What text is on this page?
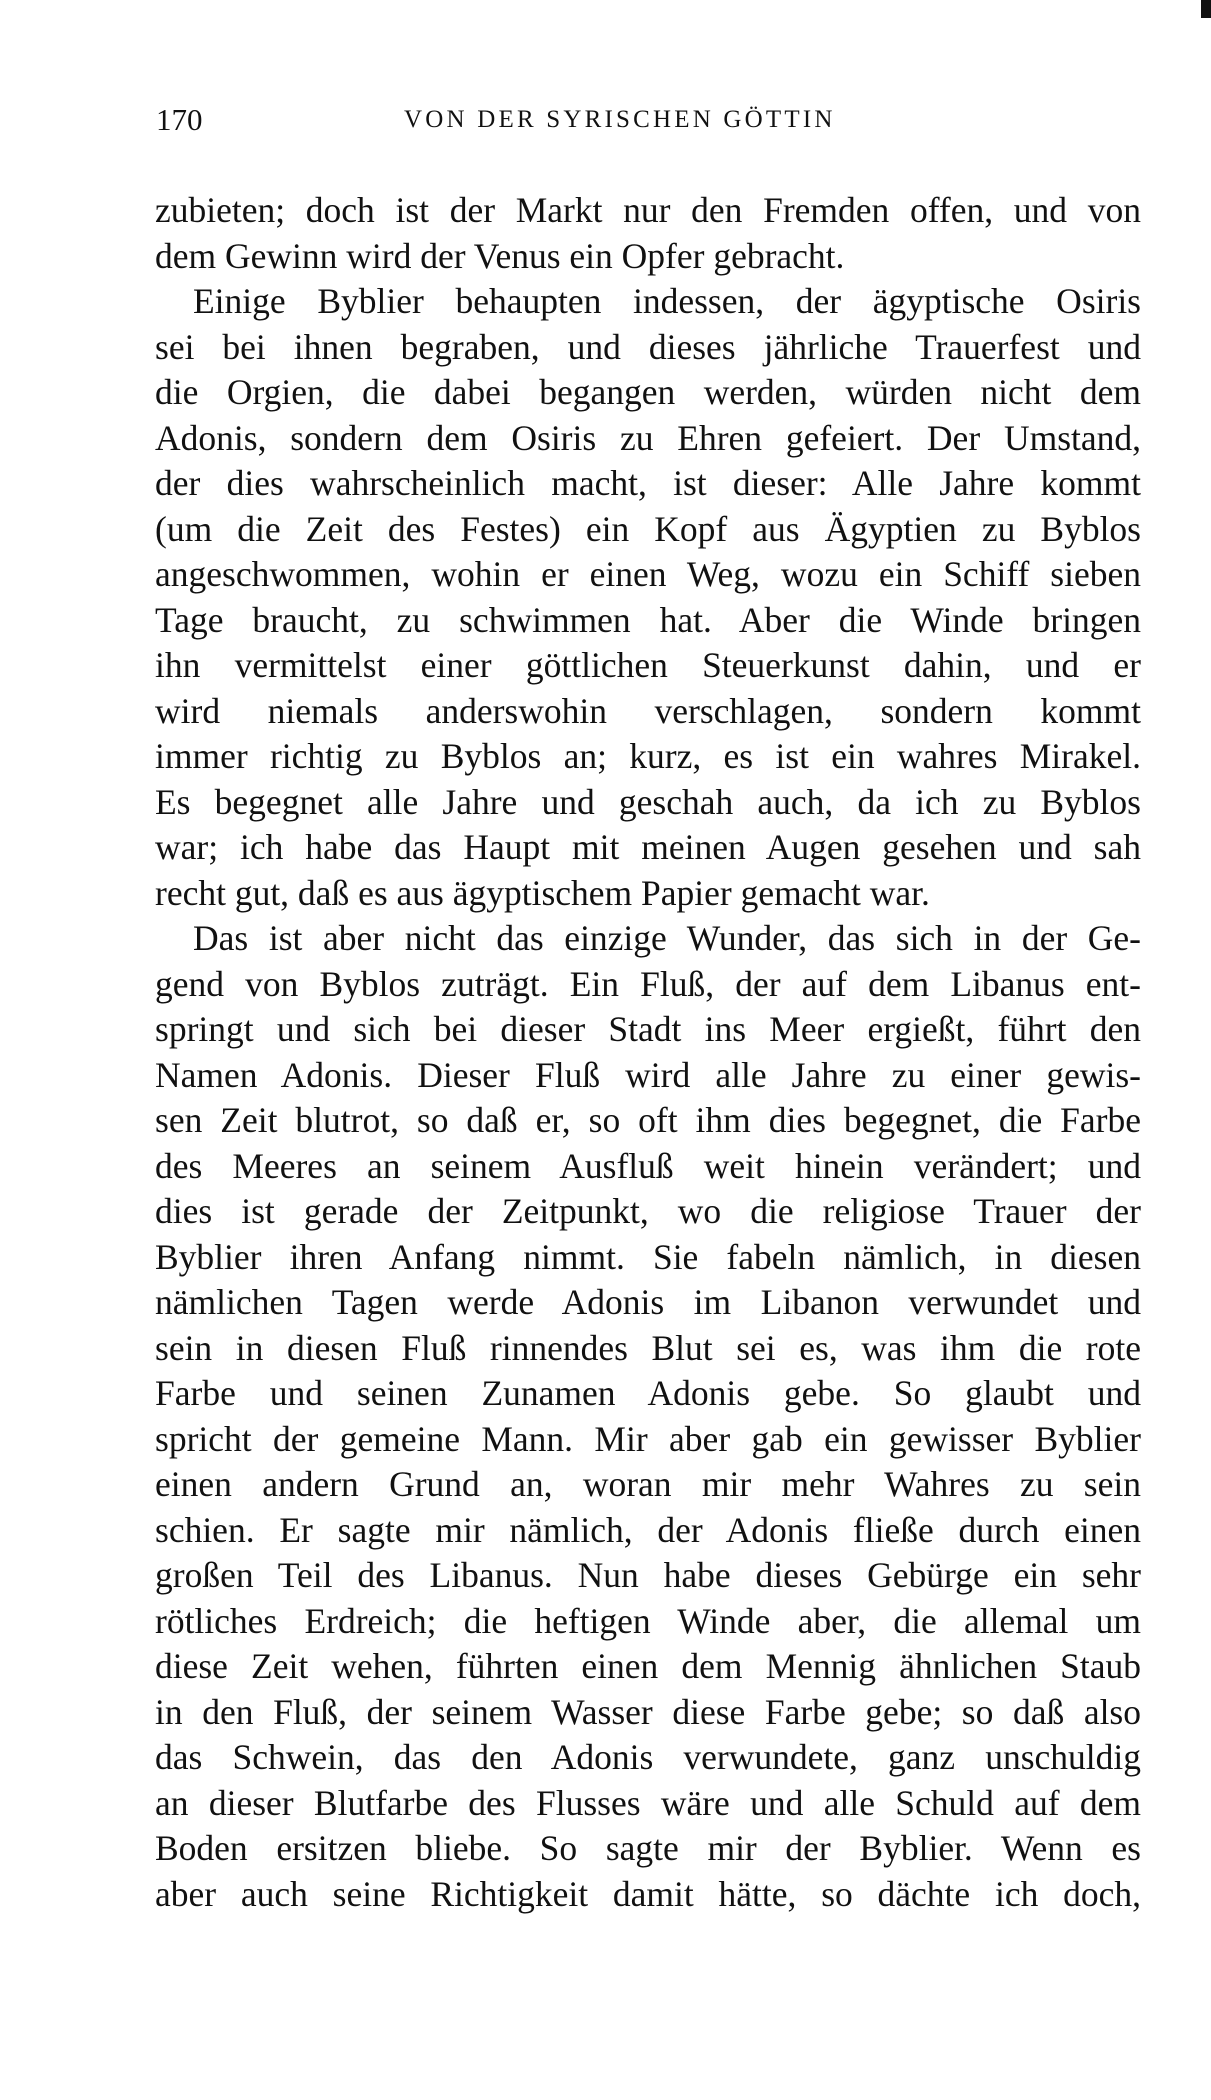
170	VON DER SYRISCHEN GÖTTIN
zubieten; doch ist der Markt nur den Fremden offen, und von
dem Gewinn wird der Venus ein Opfer gebracht.
Einige Byblier behaupten indessen, der ägyptische Osiris
sei bei ihnen begraben, und dieses jährliche Trauerfest und
die Orgien, die dabei begangen werden, würden nicht dem
Adonis, sondern dem Osiris zu Ehren gefeiert. Der Umstand,
der dies wahrscheinlich macht, ist dieser: Alle Jahre kommt
(um die Zeit des Festes) ein Kopf aus Ägyptien zu Byblos
angeschwommen, wohin er einen Weg, wozu ein Schiff sieben
Tage braucht, zu schwimmen hat. Aber die Winde bringen
ihn vermittelst einer göttlichen Steuerkunst dahin, und er
wird niemals anderswohin verschlagen, sondern kommt
immer richtig zu Byblos an; kurz, es ist ein wahres Mirakel.
Es begegnet alle Jahre und geschah auch, da ich zu Byblos
war; ich habe das Haupt mit meinen Augen gesehen und sah
recht gut, daß es aus ägyptischem Papier gemacht war.
Das ist aber nicht das einzige Wunder, das sich in der Ge-
gend von Byblos zuträgt. Ein Fluß, der auf dem Libanus ent-
springt und sich bei dieser Stadt ins Meer ergießt, führt den
Namen Adonis. Dieser Fluß wird alle Jahre zu einer gewis-
sen Zeit blutrot, so daß er, so oft ihm dies begegnet, die Farbe
des Meeres an seinem Ausfluß weit hinein verändert; und
dies ist gerade der Zeitpunkt, wo die religiose Trauer der
Byblier ihren Anfang nimmt. Sie fabeln nämlich, in diesen
nämlichen Tagen werde Adonis im Libanon verwundet und
sein in diesen Fluß rinnendes Blut sei es, was ihm die rote
Farbe und seinen Zunamen Adonis gebe. So glaubt und
spricht der gemeine Mann. Mir aber gab ein gewisser Byblier
einen andern Grund an, woran mir mehr Wahres zu sein
schien. Er sagte mir nämlich, der Adonis fließe durch einen
großen Teil des Libanus. Nun habe dieses Gebürge ein sehr
rötliches Erdreich; die heftigen Winde aber, die allemal um
diese Zeit wehen, führten einen dem Mennig ähnlichen Staub
in den Fluß, der seinem Wasser diese Farbe gebe; so daß also
das Schwein, das den Adonis verwundete, ganz unschuldig
an dieser Blutfarbe des Flusses wäre und alle Schuld auf dem
Boden ersitzen bliebe. So sagte mir der Byblier. Wenn es
aber auch seine Richtigkeit damit hätte, so dächte ich doch,
